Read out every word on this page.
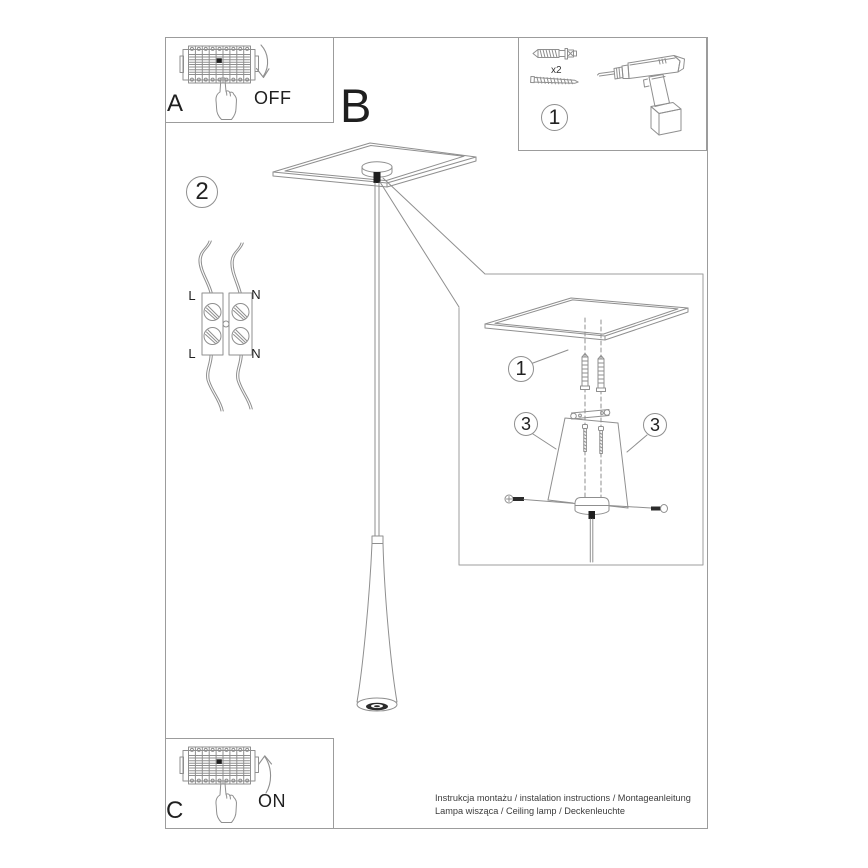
A	OFF B
2
x2
1
L	N
L	N
1
3	3
C	ON	Instrukcja montażu / instalation instructions / Montageanleitung
Lampa wisząca / Ceiling lamp / Deckenleuchte
